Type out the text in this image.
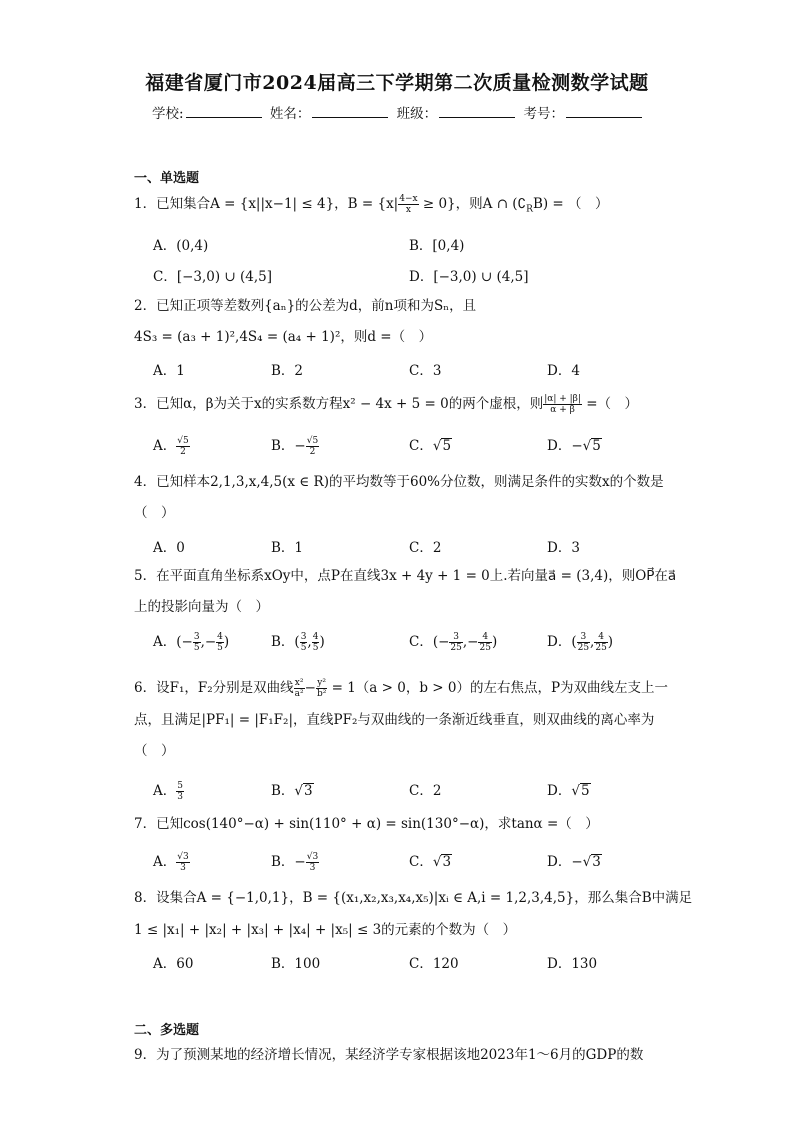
福建省厦门市2024届高三下学期第二次质量检测数学试题
学校:	姓名：	班级：	考号：
一、单选题
1．已知集合A = {x||x−1| ≤ 4}，$B = \{x| \frac{4-x}{x} \ge 0\}$，则A ∩ $(∁_RB)$ = （　）
A．(0,4)	B．[0,4)
C．[−3,0) ∪ (4,5]	D．[−3,0) ∪ (4,5]
2．已知正项等差数列{aₙ}的公差为d，前n项和为Sₙ，且
4S₃ = (a₃ + 1)²,4S₄ = (a₄ + 1)²，则d =（　）
A．1	B．2	C．3	D．4
3．已知α，β为关于x的实系数方程x² − 4x + 5 = 0的两个虚根，则 $\frac{|\alpha| + |\beta|}{\alpha + \beta}$ =（　）
A． $\frac{√5}{2}$	B．− $\frac{√5}{2}$	C．√5	D．−√5
4．已知样本2,1,3,x,4,5(x ∈ R)的平均数等于60%分位数，则满足条件的实数x的个数是
（　）
A．0	B．1	C．2	D．3
5．在平面直角坐标系xOy中，点P在直线3x + 4y + 1 = 0上.若向量a⃗ = (3,4)，则OP⃗在a⃗
上的投影向量为（　）
A．(− $\frac{3}{5}$ ,− $\frac{4}{5}$ )	B．( $\frac{3}{5}$ , $\frac{4}{5}$ )	C．(− $\frac{3}{25}$ ,− $\frac{4}{25}$ )	D．( $\frac{3}{25}$ , $\frac{4}{25}$ )
6．设F₁，F₂分别是双曲线 $\frac{\text{x²}}{\text{a²}} - \frac{\text{y²}}{\text{b²}} = 1(a > 0$，b > 0）的左右焦点，P为双曲线左支上一
点，且满足|PF₁| = |F₁F₂|，直线PF₂与双曲线的一条渐近线垂直，则双曲线的离心率为
（　）
A． $\frac{5}{3}$	B．√3	C．2	D．√5
7．已知cos(140°−α) + sin(110° + α) = sin(130°−α)，求tanα =（　）
A． $\frac{√3}{3}$	B．− $\frac{√3}{3}$	C．√3	D．−√3
8．设集合A = {−1,0,1}，B = {(x₁,x₂,x₃,x₄,x₅)|xᵢ ∈ A,i = 1,2,3,4,5}，那么集合B中满足
1 ≤ |x₁| + |x₂| + |x₃| + |x₄| + |x₅| ≤ 3的元素的个数为（　）
A．60	B．100	C．120	D．130
二、多选题
9．为了预测某地的经济增长情况，某经济学专家根据该地2023年1～6月的GDP的数
